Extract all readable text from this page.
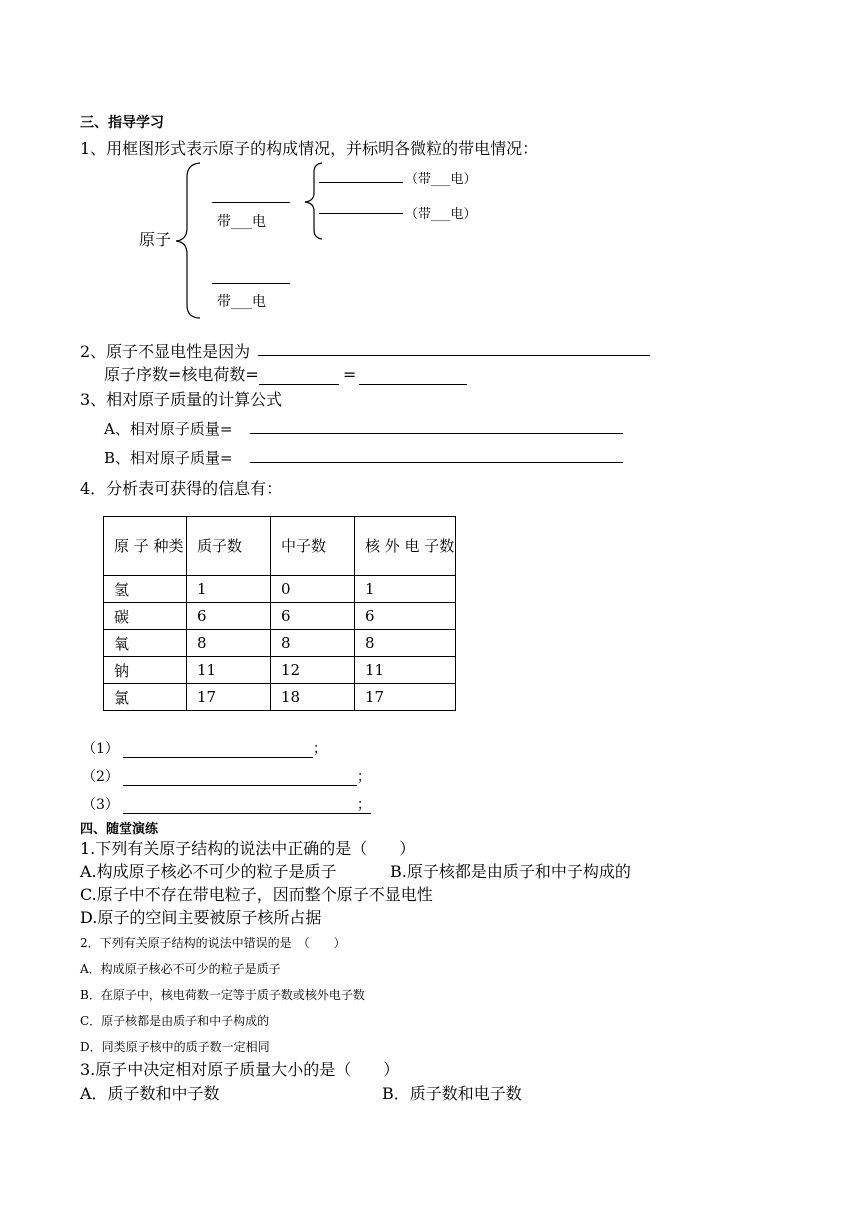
三、指导学习
1、用框图形式表示原子的构成情况，并标明各微粒的带电情况：
原子
带___电
带___电
（带___电）
（带___电）
2、原子不显电性是因为
原子序数=核电荷数=	=
3、相对原子质量的计算公式
A、相对原子质量=
B、相对原子质量=
4．分析表可获得的信息有：
原 子 种类	质子数	中子数	核 外 电 子数
氢	1	0	1
碳	6	6	6
氧	8	8	8
钠	11	12	11
氯	17	18	17
（1）	；
（2）	；
（3）	；
四、随堂演练
1.下列有关原子结构的说法中正确的是（　　）
A.构成原子核必不可少的粒子是质子	B.原子核都是由质子和中子构成的
C.原子中不存在带电粒子，因而整个原子不显电性
D.原子的空间主要被原子核所占据
2．下列有关原子结构的说法中错误的是　（　　）
A．构成原子核必不可少的粒子是质子
B．在原子中，核电荷数一定等于质子数或核外电子数
C．原子核都是由质子和中子构成的
D．同类原子核中的质子数一定相同
3.原子中决定相对原子质量大小的是（　　）
A．质子数和中子数	B．质子数和电子数
